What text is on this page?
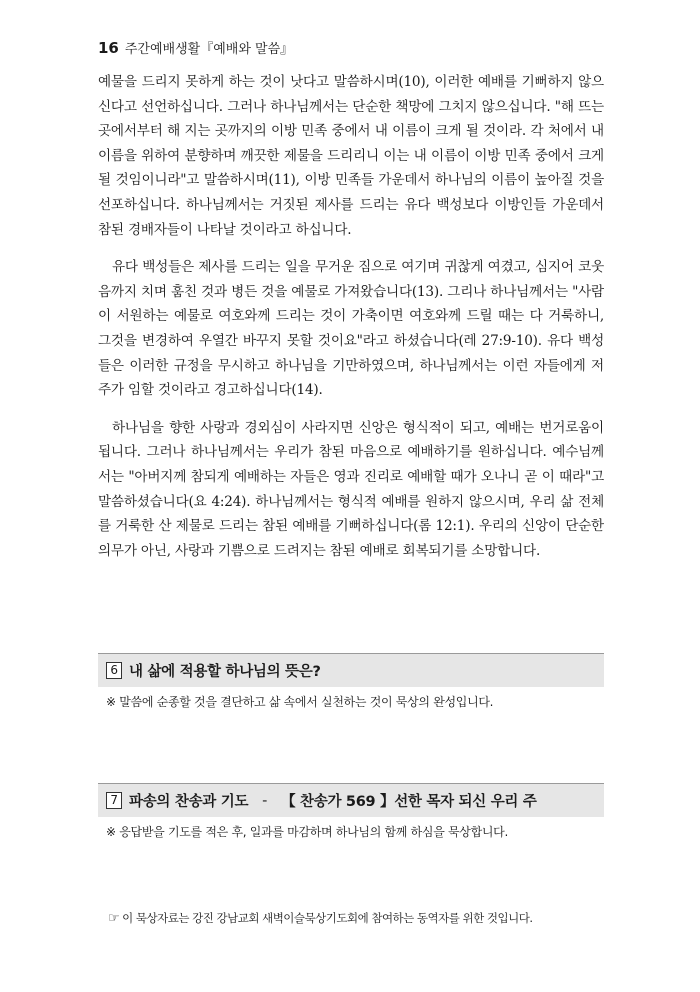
16 주간예배생활『예배와 말씀』

예물을 드리지 못하게 하는 것이 낫다고 말씀하시며(10), 이러한 예배를 기뻐하지 않으신다고 선언하십니다. 그러나 하나님께서는 단순한 책망에 그치지 않으십니다. "해 뜨는 곳에서부터 해 지는 곳까지의 이방 민족 중에서 내 이름이 크게 될 것이라. 각 처에서 내 이름을 위하여 분향하며 깨끗한 제물을 드리리니 이는 내 이름이 이방 민족 중에서 크게 될 것임이니라"고 말씀하시며(11), 이방 민족들 가운데서 하나님의 이름이 높아질 것을 선포하십니다. 하나님께서는 거짓된 제사를 드리는 유다 백성보다 이방인들 가운데서 참된 경배자들이 나타날 것이라고 하십니다.

유다 백성들은 제사를 드리는 일을 무거운 짐으로 여기며 귀찮게 여겼고, 심지어 코웃음까지 치며 훔친 것과 병든 것을 예물로 가져왔습니다(13). 그리나 하나님께서는 "사람이 서원하는 예물로 여호와께 드리는 것이 가축이면 여호와께 드릴 때는 다 거룩하니, 그것을 변경하여 우열간 바꾸지 못할 것이요"라고 하셨습니다(레 27:9-10). 유다 백성들은 이러한 규정을 무시하고 하나님을 기만하였으며, 하나님께서는 이런 자들에게 저주가 임할 것이라고 경고하십니다(14).

하나님을 향한 사랑과 경외심이 사라지면 신앙은 형식적이 되고, 예배는 번거로움이 됩니다. 그러나 하나님께서는 우리가 참된 마음으로 예배하기를 원하십니다. 예수님께서는 "아버지께 참되게 예배하는 자들은 영과 진리로 예배할 때가 오나니 곧 이 때라"고 말씀하셨습니다(요 4:24). 하나님께서는 형식적 예배를 원하지 않으시며, 우리 삶 전체를 거룩한 산 제물로 드리는 참된 예배를 기뻐하십니다(롬 12:1). 우리의 신앙이 단순한 의무가 아닌, 사랑과 기쁨으로 드려지는 참된 예배로 회복되기를 소망합니다.

6 내 삶에 적용할 하나님의 뜻은?
※ 말씀에 순종할 것을 결단하고 삶 속에서 실천하는 것이 묵상의 완성입니다.
7 파송의 찬송과 기도 - 【 찬송가 569 】선한 목자 되신 우리 주
※ 응답받을 기도를 적은 후, 일과를 마감하며 하나님의 함께 하심을 묵상합니다.
☞ 이 묵상자료는 강진 강남교회 새벽이슬묵상기도회에 참여하는 동역자를 위한 것입니다.
